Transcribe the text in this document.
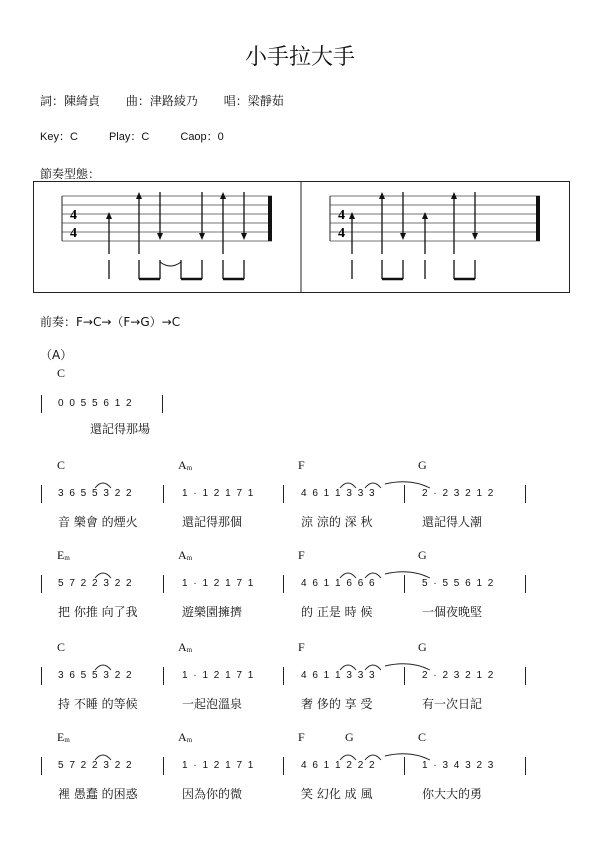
小手拉大手
詞：陳綺貞 曲：津路綾乃 唱：梁靜茹
Key：C	Play：C	Caop：0
節奏型態：
4
4
4
4
前奏：F→C→（F→G）→C
（A）
C
0 0 5 5 6 1 2
還記得那場
C	$A_m$	F	G
3 6 5 5 3 2 2	1 · 1 2 1 7 1	4 6 1 1 3 3 3	2 · 2 3 2 1 2
音 樂會 的煙火	還記得那個	涼 涼的 深 秋	還記得人潮
$E_m$	$A_m$	F	G
5 7 2 2 3 2 2	1 · 1 2 1 7 1	4 6 1 1 6 6 6	5 · 5 5 6 1 2
把 你推 向了我	遊樂園擁擠	的 正是 時 候	一個夜晚堅
C	$A_m$	F	G
3 6 5 5 3 2 2	1 · 1 2 1 7 1	4 6 1 1 3 3 3	2 · 2 3 2 1 2
持 不睡 的等候	一起泡溫泉	奢 侈的 享 受	有一次日記
$E_m$	$A_m$	F	G	C
5 7 2 2 3 2 2	1 · 1 2 1 7 1	4 6 1 1 2 2 2	1 · 3 4 3 2 3
裡 愚蠢 的困惑	因為你的微	笑 幻化 成 風	你大大的勇
